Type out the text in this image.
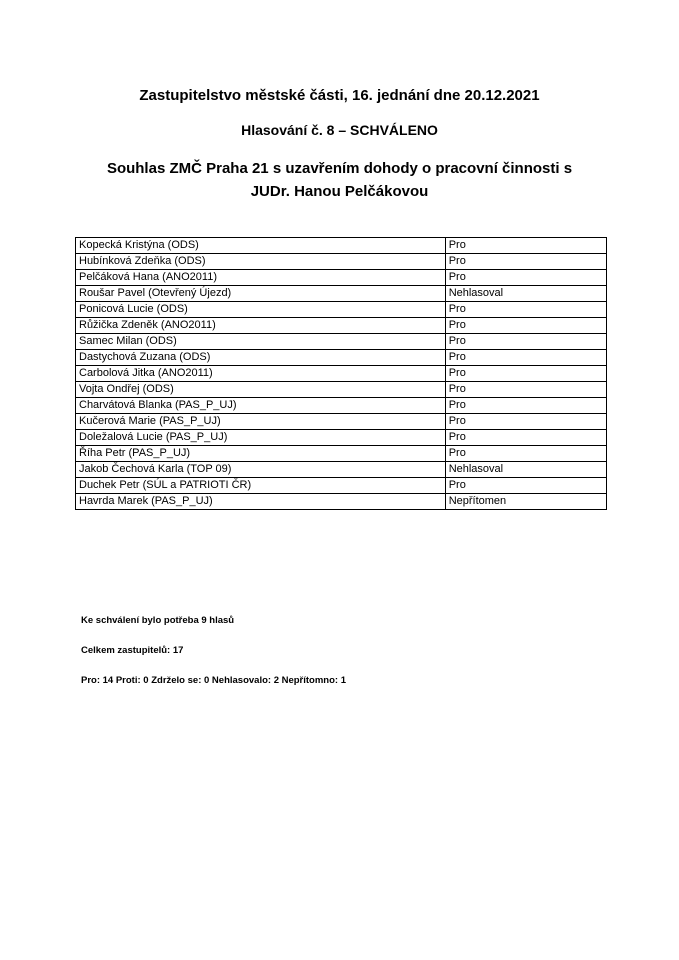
Zastupitelstvo městské části, 16. jednání dne 20.12.2021

Hlasování č. 8 – SCHVÁLENO

Souhlas ZMČ Praha 21 s uzavřením dohody o pracovní činnosti s
JUDr. Hanou Pelčákovou

Kopecká Kristýna (ODS)	Pro
Hubínková Zdeňka (ODS)	Pro
Pelčáková Hana (ANO2011)	Pro
Roušar Pavel (Otevřený Újezd)	Nehlasoval
Ponicová Lucie (ODS)	Pro
Růžička Zdeněk (ANO2011)	Pro
Samec Milan (ODS)	Pro
Dastychová Zuzana (ODS)	Pro
Carbolová Jitka (ANO2011)	Pro
Vojta Ondřej (ODS)	Pro
Charvátová Blanka (PAS_P_UJ)	Pro
Kučerová Marie (PAS_P_UJ)	Pro
Doležalová Lucie (PAS_P_UJ)	Pro
Říha Petr (PAS_P_UJ)	Pro
Jakob Čechová Karla (TOP 09)	Nehlasoval
Duchek Petr (SÚL a PATRIOTI ČR)	Pro
Havrda Marek (PAS_P_UJ)	Nepřítomen

Ke schválení bylo potřeba 9 hlasů

Celkem zastupitelů: 17

Pro: 14 Proti: 0 Zdrželo se: 0 Nehlasovalo: 2 Nepřítomno: 1
